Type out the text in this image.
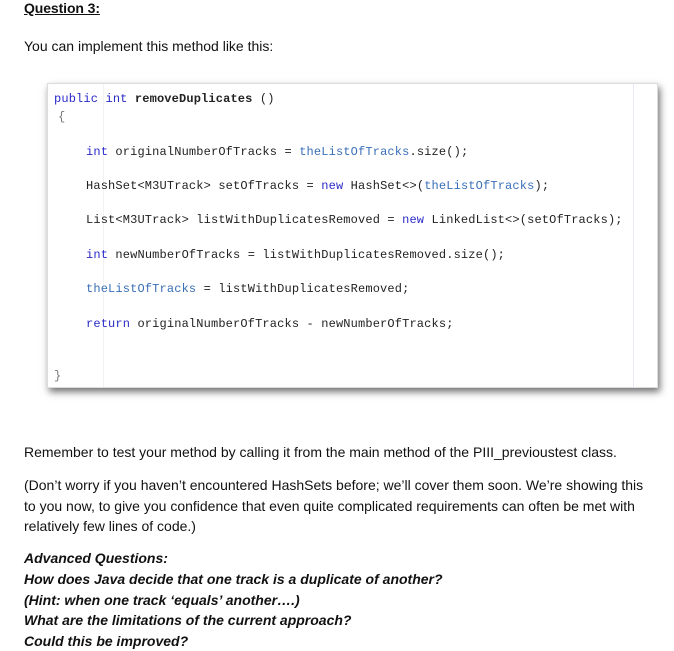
Question 3:
You can implement this method like this:
public int removeDuplicates ()
{
int originalNumberOfTracks = theListOfTracks.size();
HashSet<M3UTrack> setOfTracks = new HashSet<>(theListOfTracks);
List<M3UTrack> listWithDuplicatesRemoved = new LinkedList<>(setOfTracks);
int newNumberOfTracks = listWithDuplicatesRemoved.size();
theListOfTracks = listWithDuplicatesRemoved;
return originalNumberOfTracks - newNumberOfTracks;
}
Remember to test your method by calling it from the main method of the PIII_previoustest class.
(Don’t worry if you haven’t encountered HashSets before; we’ll cover them soon. We’re showing this to you now, to give you confidence that even quite complicated requirements can often be met with relatively few lines of code.)
Advanced Questions:
How does Java decide that one track is a duplicate of another?
(Hint: when one track ‘equals’ another….)
What are the limitations of the current approach?
Could this be improved?
